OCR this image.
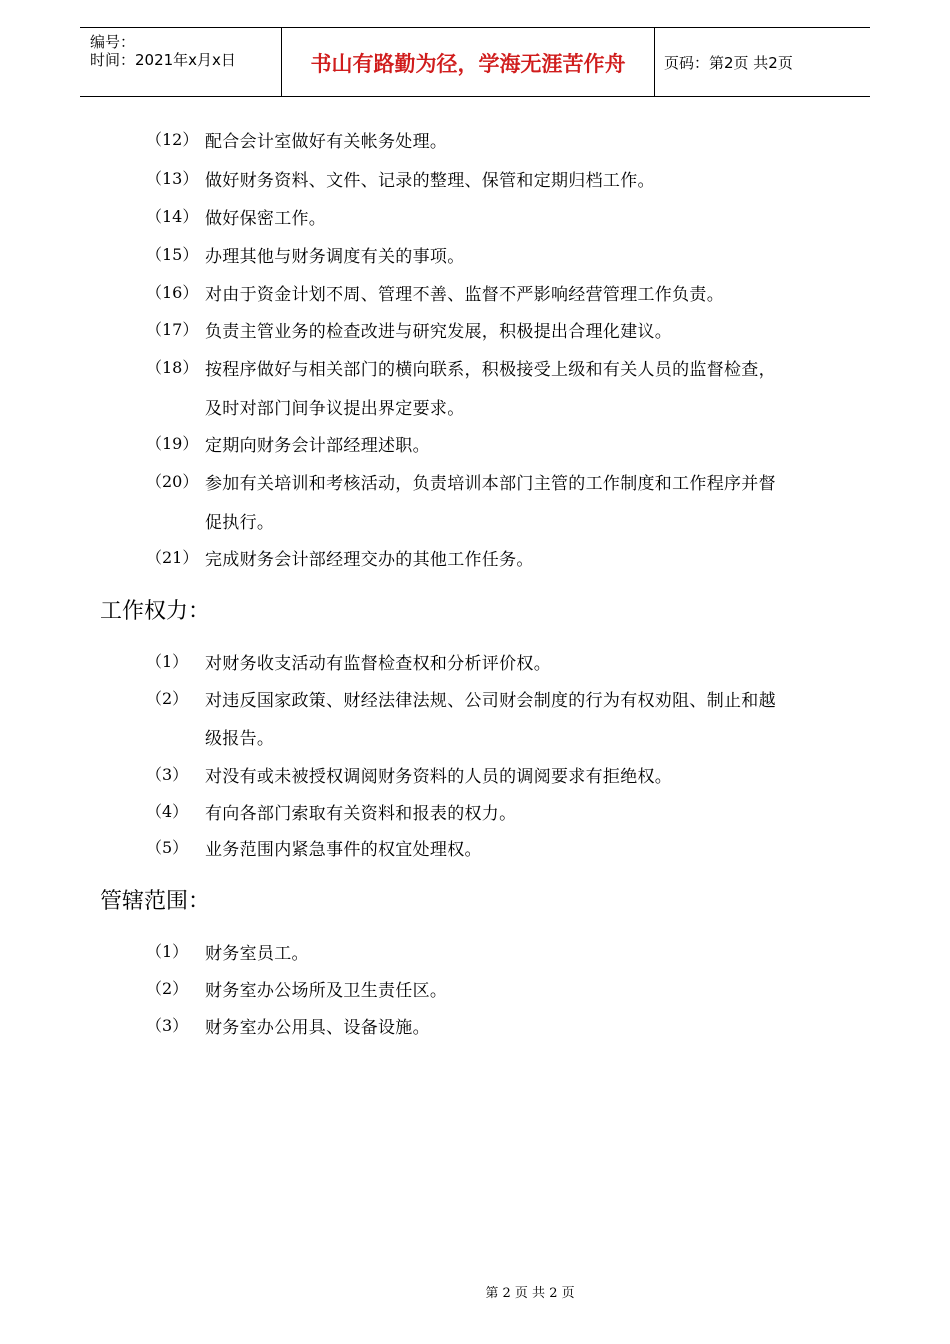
编号：
时间：2021年x月x日	书山有路勤为径，学海无涯苦作舟	页码：第2页 共2页
（12） 配合会计室做好有关帐务处理。
（13） 做好财务资料、文件、记录的整理、保管和定期归档工作。
（14） 做好保密工作。
（15） 办理其他与财务调度有关的事项。
（16） 对由于资金计划不周、管理不善、监督不严影响经营管理工作负责。
（17） 负责主管业务的检查改进与研究发展，积极提出合理化建议。
（18） 按程序做好与相关部门的横向联系，积极接受上级和有关人员的监督检查，
及时对部门间争议提出界定要求。
（19） 定期向财务会计部经理述职。
（20） 参加有关培训和考核活动，负责培训本部门主管的工作制度和工作程序并督
促执行。
（21） 完成财务会计部经理交办的其他工作任务。
工作权力：
（1） 对财务收支活动有监督检查权和分析评价权。
（2） 对违反国家政策、财经法律法规、公司财会制度的行为有权劝阻、制止和越
级报告。
（3） 对没有或未被授权调阅财务资料的人员的调阅要求有拒绝权。
（4） 有向各部门索取有关资料和报表的权力。
（5） 业务范围内紧急事件的权宜处理权。
管辖范围：
（1） 财务室员工。
（2） 财务室办公场所及卫生责任区。
（3） 财务室办公用具、设备设施。
第 2 页 共 2 页
